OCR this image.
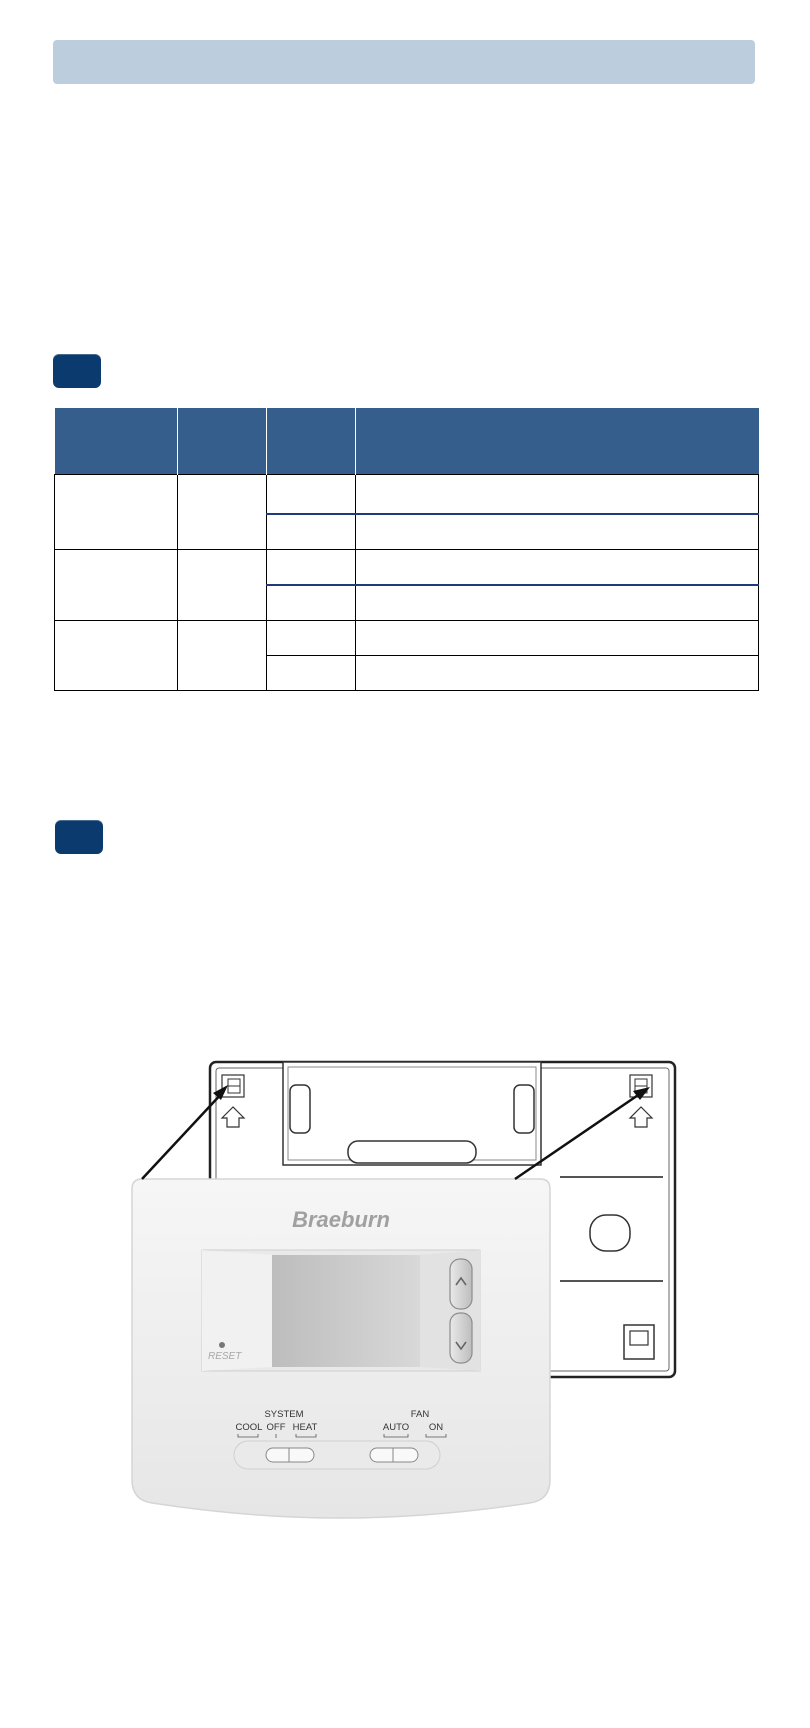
Braeburn
RESET
SYSTEM
COOL OFF HEAT
FAN
AUTO ON
